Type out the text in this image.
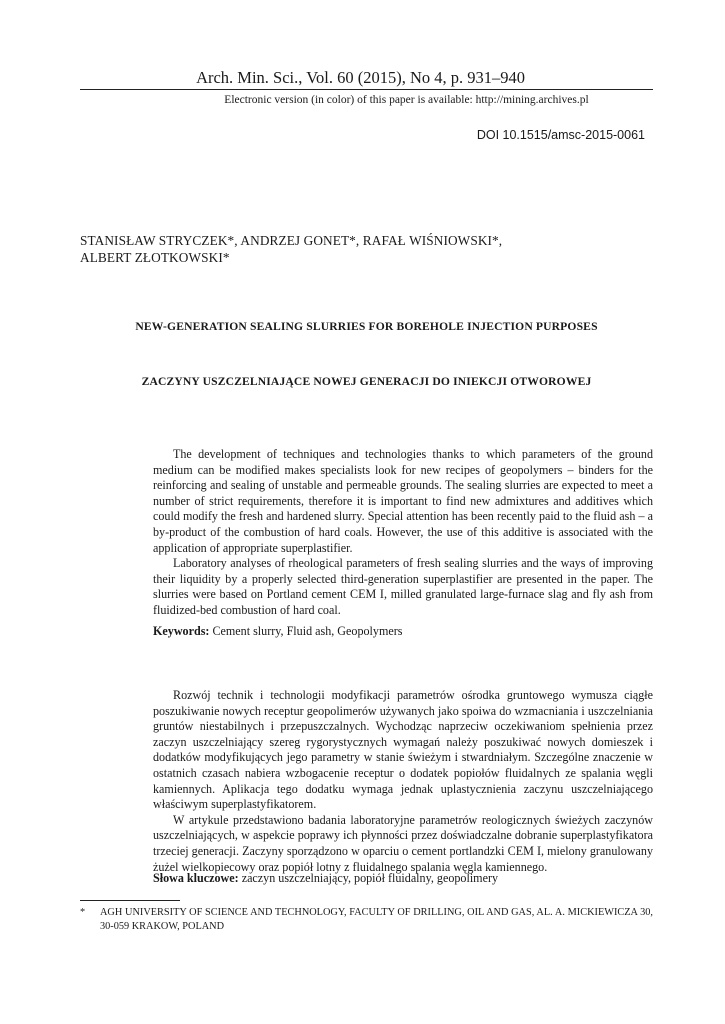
Arch. Min. Sci., Vol. 60 (2015), No 4, p. 931–940
Electronic version (in color) of this paper is available: http://mining.archives.pl
DOI 10.1515/amsc-2015-0061
STANISŁAW STRYCZEK*, ANDRZEJ GONET*, RAFAŁ WIŚNIOWSKI*,
ALBERT ZŁOTKOWSKI*
NEW-GENERATION SEALING SLURRIES FOR BOREHOLE INJECTION PURPOSES
ZACZYNY USZCZELNIAJĄCE NOWEJ GENERACJI DO INIEKCJI OTWOROWEJ

The development of techniques and technologies thanks to which parameters of the ground medium can be modified makes specialists look for new recipes of geopolymers – binders for the reinforcing and sealing of unstable and permeable grounds. The sealing slurries are expected to meet a number of strict requirements, therefore it is important to find new admixtures and additives which could modify the fresh and hardened slurry. Special attention has been recently paid to the fluid ash – a by-product of the combustion of hard coals. However, the use of this additive is associated with the application of appropriate superplastifier.

Laboratory analyses of rheological parameters of fresh sealing slurries and the ways of improving their liquidity by a properly selected third-generation superplastifier are presented in the paper. The slurries were based on Portland cement CEM I, milled granulated large-furnace slag and fly ash from fluidized-bed combustion of hard coal.

Keywords: Cement slurry, Fluid ash, Geopolymers

Rozwój technik i technologii modyfikacji parametrów ośrodka gruntowego wymusza ciągłe poszukiwanie nowych receptur geopolimerów używanych jako spoiwa do wzmacniania i uszczelniania gruntów niestabilnych i przepuszczalnych. Wychodząc naprzeciw oczekiwaniom spełnienia przez zaczyn uszczelniający szereg rygorystycznych wymagań należy poszukiwać nowych domieszek i dodatków modyfikujących jego parametry w stanie świeżym i stwardniałym. Szczególne znaczenie w ostatnich czasach nabiera wzbogacenie receptur o dodatek popiołów fluidalnych ze spalania węgli kamiennych. Aplikacja tego dodatku wymaga jednak uplastycznienia zaczynu uszczelniającego właściwym superplastyfikatorem.

W artykule przedstawiono badania laboratoryjne parametrów reologicznych świeżych zaczynów uszczelniających, w aspekcie poprawy ich płynności przez doświadczalne dobranie superplastyfikatora trzeciej generacji. Zaczyny sporządzono w oparciu o cement portlandzki CEM I, mielony granulowany żużel wielkopiecowy oraz popiół lotny z fluidalnego spalania węgla kamiennego.

Słowa kluczowe: zaczyn uszczelniający, popiół fluidalny, geopolimery
* AGH UNIVERSITY OF SCIENCE AND TECHNOLOGY, FACULTY OF DRILLING, OIL AND GAS, AL. A. MICKIEWICZA 30, 30-059 KRAKOW, POLAND
